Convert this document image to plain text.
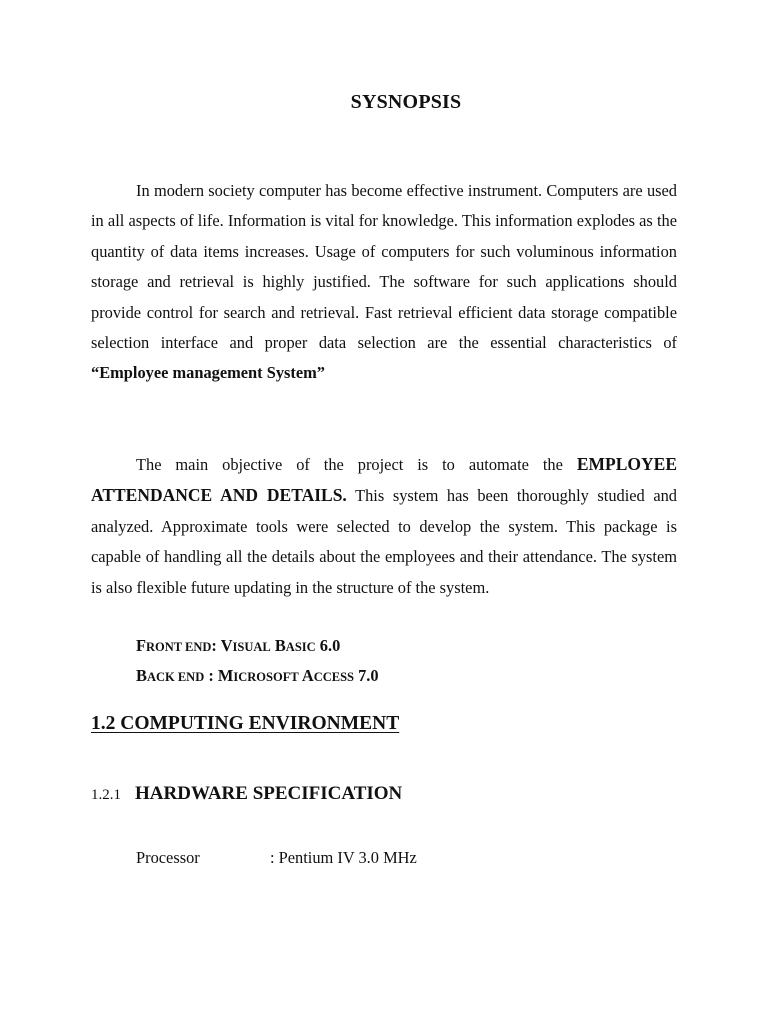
SYSNOPSIS

In modern society computer has become effective instrument. Computers are used in all aspects of life. Information is vital for knowledge. This information explodes as the quantity of data items increases. Usage of computers for such voluminous information storage and retrieval is highly justified. The software for such applications should provide control for search and retrieval. Fast retrieval efficient data storage compatible selection interface and proper data selection are the essential characteristics of “Employee management System”

The main objective of the project is to automate the EMPLOYEE ATTENDANCE AND DETAILS. This system has been thoroughly studied and analyzed. Approximate tools were selected to develop the system. This package is capable of handling all the details about the employees and their attendance. The system is also flexible future updating in the structure of the system.

FRONT END: VISUAL BASIC 6.0
BACK END : MICROSOFT ACCESS 7.0
1.2 COMPUTING ENVIRONMENT
1.2.1 HARDWARE SPECIFICATION
Processor	: Pentium IV 3.0 MHz
